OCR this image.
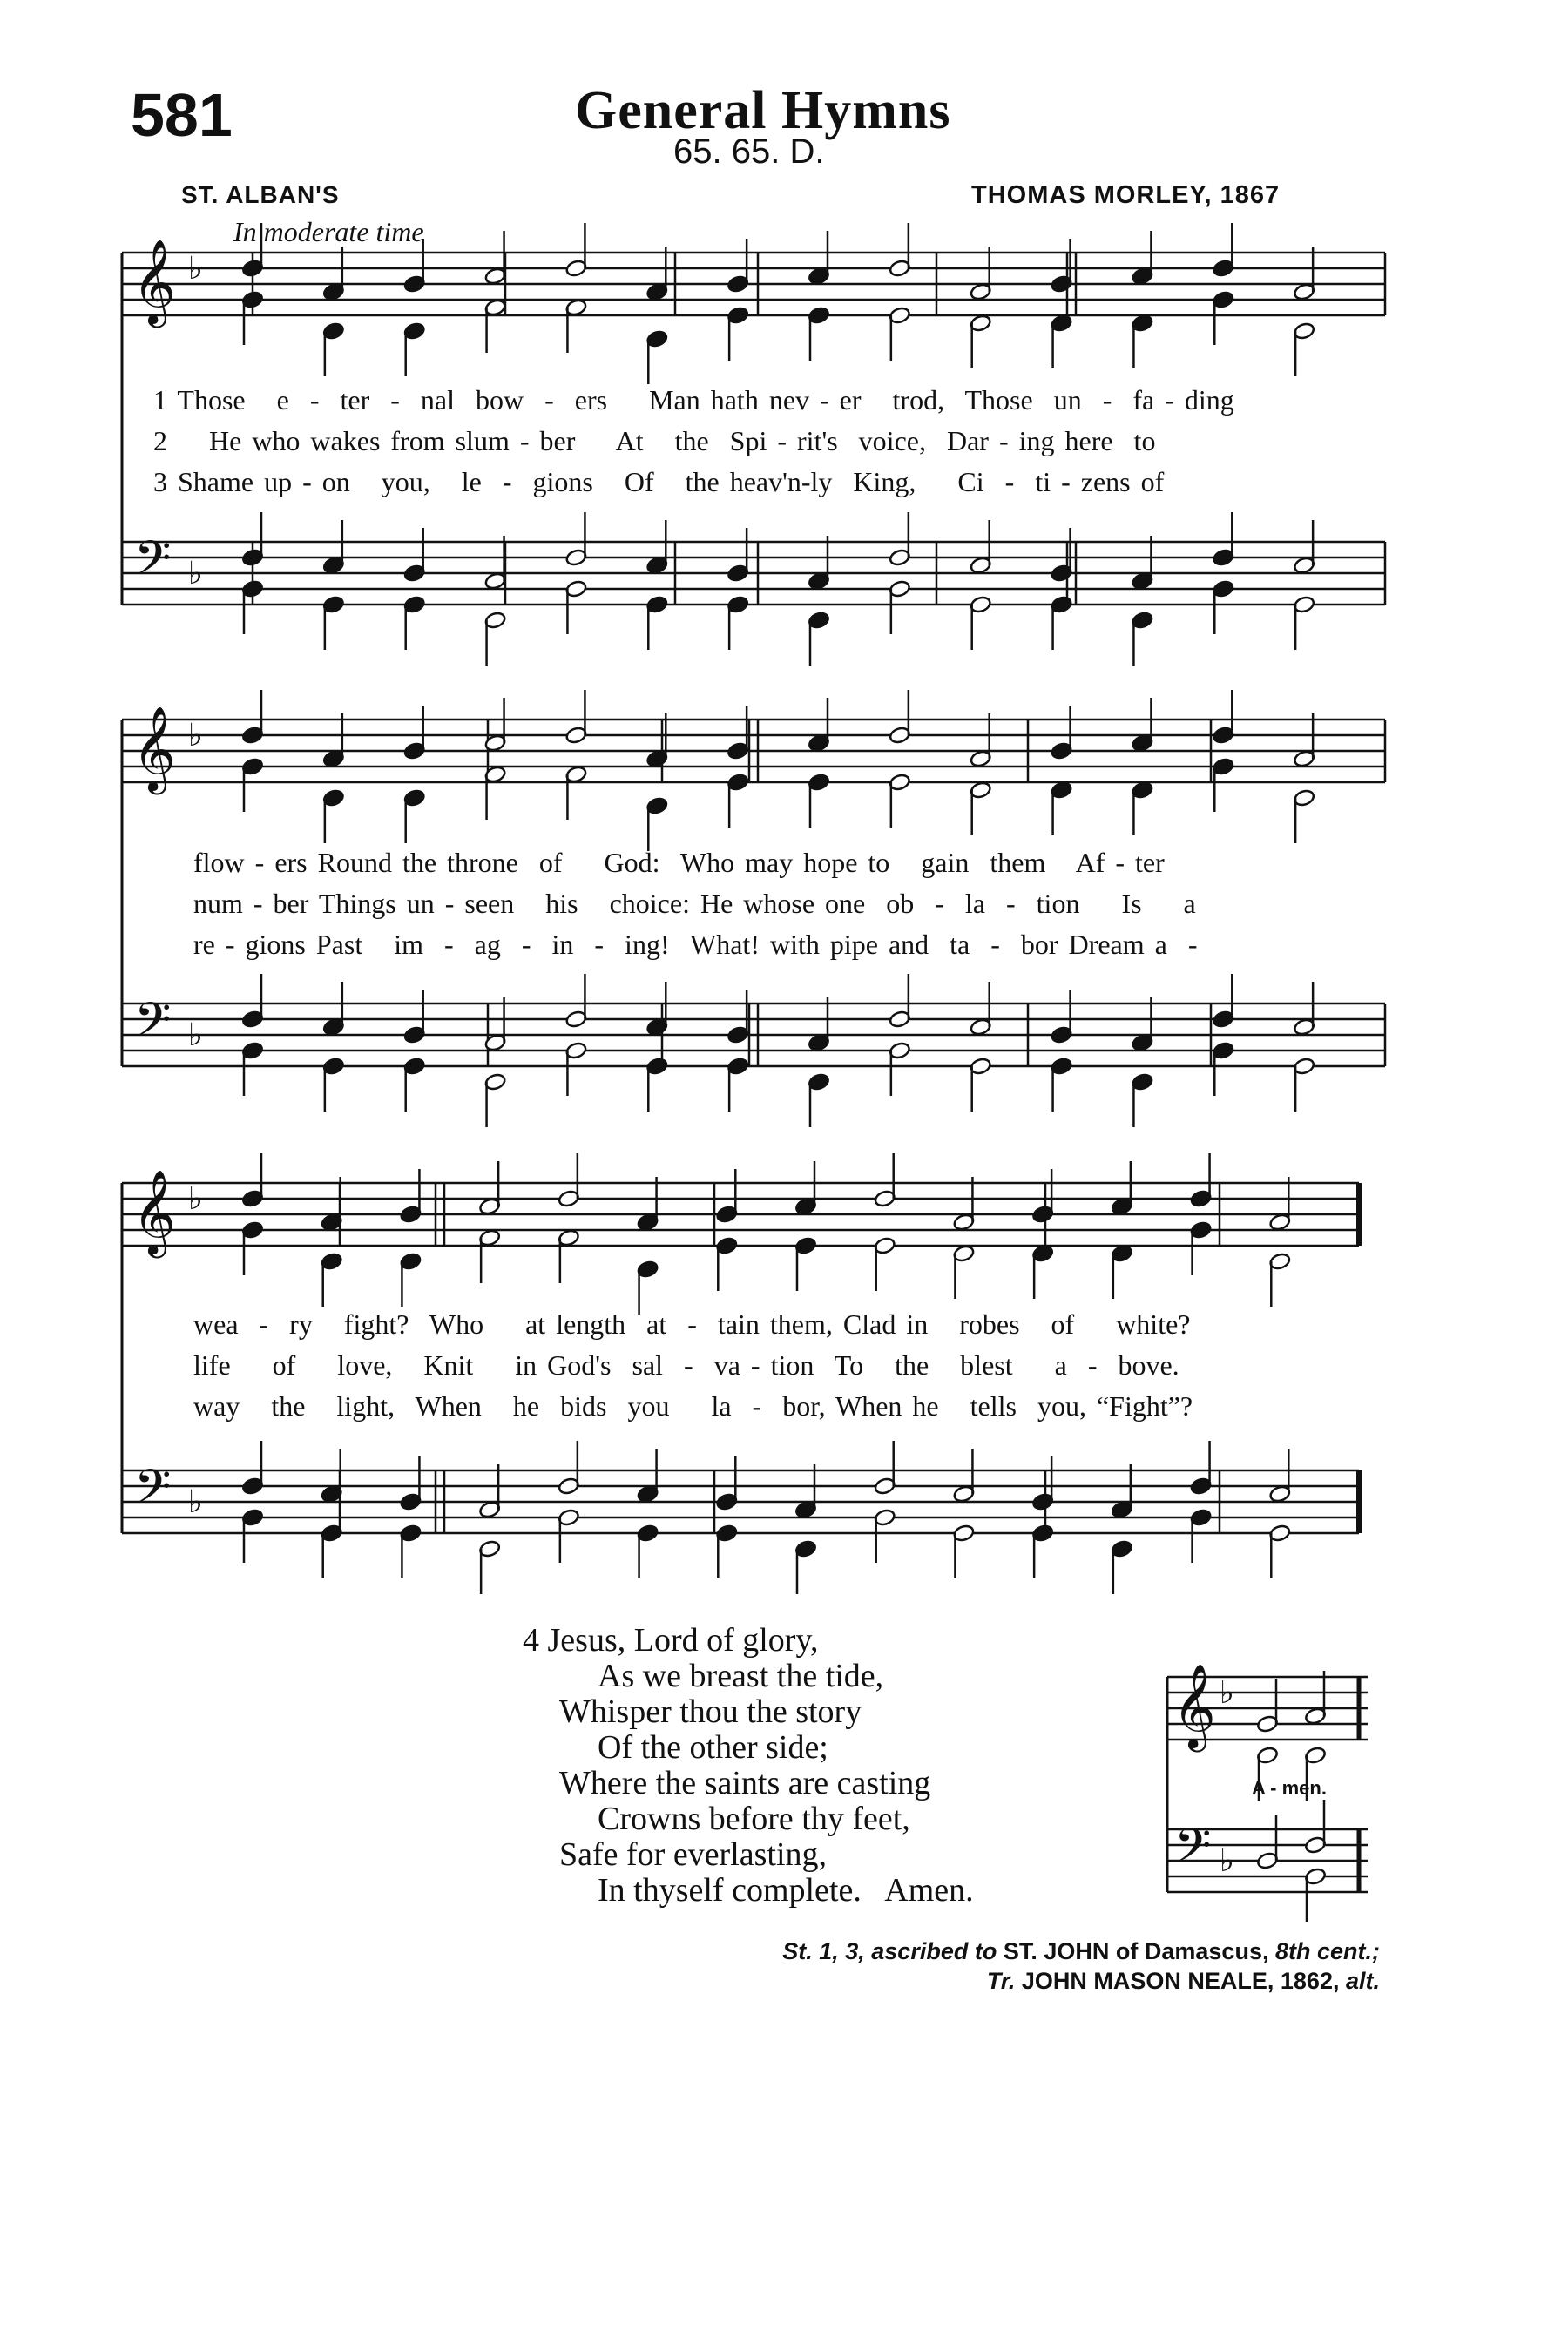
581	General Hymns
65. 65. D.
ST. ALBAN'S	THOMAS MORLEY, 1867
In moderate time
𝄞
𝄢
♭
♭
𝄞
𝄢
♭
♭
𝄞
𝄢
♭
♭
𝄞
𝄢
♭
♭
1 Those   e  -  ter  -  nal  bow  -  ers    Man hath nev - er   trod,  Those  un  -  fa - ding
2    He who wakes from slum - ber    At   the  Spi - rit's  voice,  Dar - ing here  to
3 Shame up - on   you,   le  -  gions   Of   the heav'n-ly  King,    Ci  -  ti - zens of
flow - ers Round the throne  of    God:  Who may hope to   gain  them   Af - ter
num - ber Things un - seen   his   choice: He whose one  ob  -  la  -  tion    Is    a
re - gions Past   im  -  ag  -  in  -  ing!  What! with pipe and  ta  -  bor Dream a  -
wea  -  ry   fight?  Who    at length  at  -  tain them, Clad in   robes   of    white?
life    of    love,   Knit    in God's  sal  -  va - tion  To   the   blest    a  -  bove.
way   the   light,  When   he  bids  you    la  -  bor, When he   tells  you, “Fight”?
4 Jesus, Lord of glory,
As we breast the tide,
Whisper thou the story
Of the other side;
Where the saints are casting
Crowns before thy feet,
Safe for everlasting,
In thyself complete.   Amen.
A - men.
St. 1, 3, ascribed to ST. JOHN of Damascus, 8th cent.;
Tr. JOHN MASON NEALE, 1862, alt.
